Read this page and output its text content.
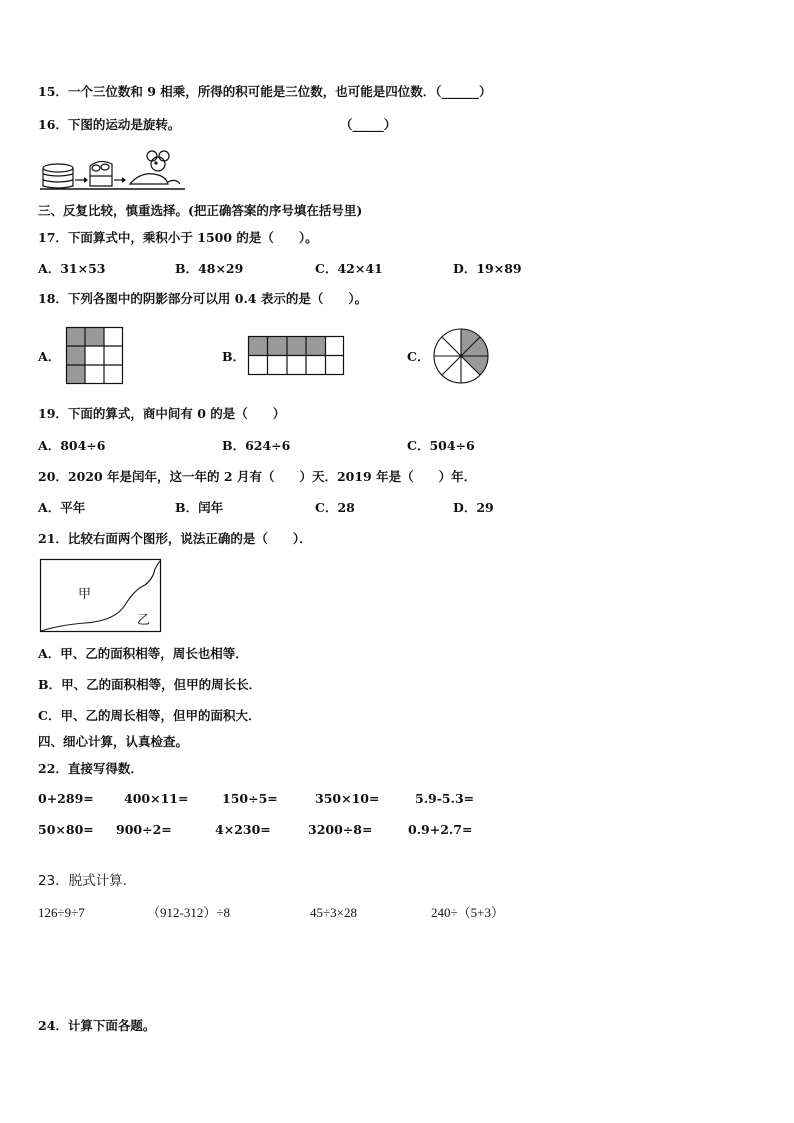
15．一个三位数和 9 相乘，所得的积可能是三位数，也可能是四位数．（______）
16．下图的运动是旋转。	（_____）
三、反复比较，慎重选择。(把正确答案的序号填在括号里)
17．下面算式中，乘积小于 1500 的是（　　）。
A．31×53	B．48×29	C．42×41	D．19×89
18．下列各图中的阴影部分可以用 0.4 表示的是（　　）。
A．	B．	C．
19．下面的算式，商中间有 0 的是（　　）
A．804÷6	B．624÷6	C．504÷6
20．2020 年是闰年，这一年的 2 月有（　　）天．2019 年是（　　）年．
A．平年	B．闰年	C．28	D．29
21．比较右面两个图形，说法正确的是（　　）．
甲
乙
A．甲、乙的面积相等，周长也相等．
B．甲、乙的面积相等，但甲的周长长．
C．甲、乙的周长相等，但甲的面积大．
四、细心计算，认真检查。
22．直接写得数．
0+289= 400×11=	150÷5=	350×10=	5.9-5.3=
50×80= 900÷2=	4×230=	3200÷8=	0.9+2.7=
23．脱式计算．
126÷9÷7	（912-312）÷8	45÷3×28	240÷（5+3）
24．计算下面各题。
